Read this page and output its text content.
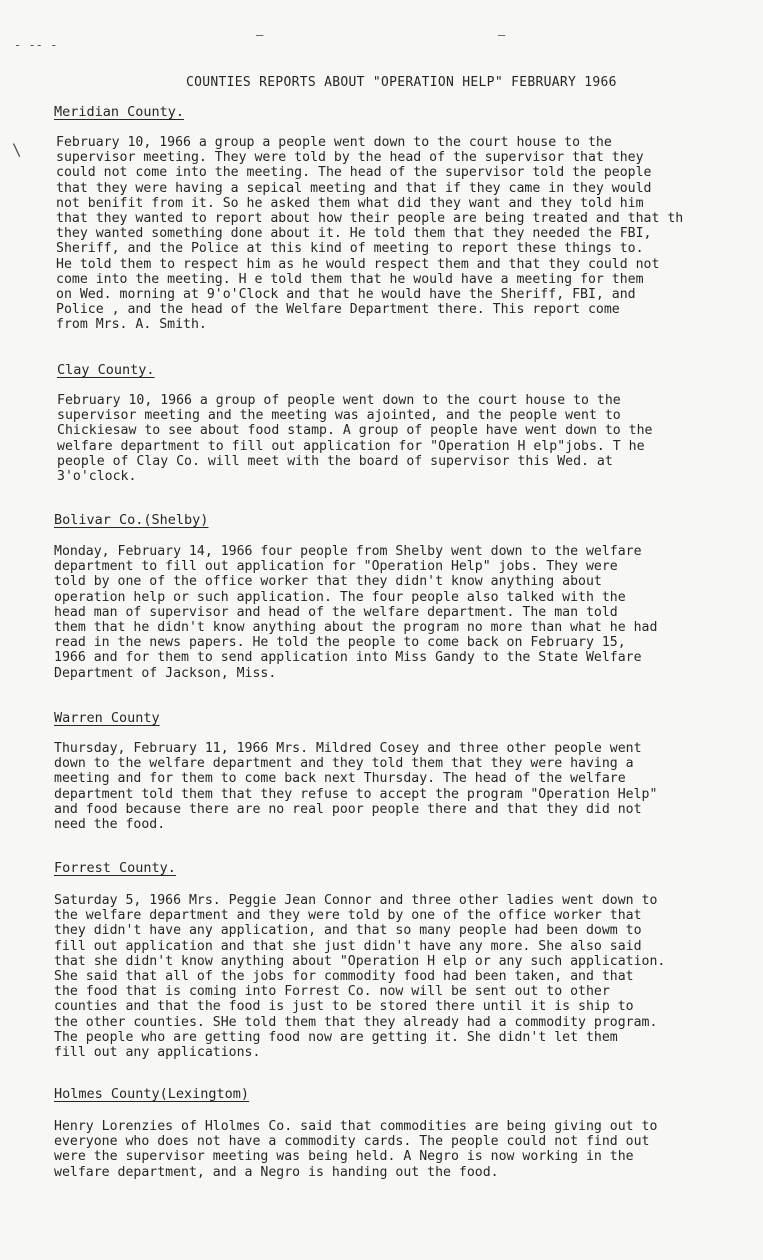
- -- -
—	—
\
COUNTIES REPORTS ABOUT "OPERATION HELP" FEBRUARY 1966
Meridian County.

February 10, 1966 a group a people went down to the court house to the

supervisor meeting. They were told by the head of the supervisor that they

could not come into the meeting. The head of the supervisor told the people

that they were having a sepical meeting and that if they came in they would

not benifit from it. So he asked them what did they want and they told him

that they wanted to report about how their people are being treated and that th

they wanted something done about it. He told them that they needed the FBI,

Sheriff, and the Police at this kind of meeting to report these things to.

He told them to respect him as he would respect them and that they could not

come into the meeting. H e told them that he would have a meeting for them

on Wed. morning at 9'o'Clock and that he would have the Sheriff, FBI, and

Police , and the head of the Welfare Department there. This report come

from Mrs. A. Smith.

Clay County.

February 10, 1966 a group of people went down to the court house to the

supervisor meeting and the meeting was ajointed, and the people went to

Chickiesaw to see about food stamp. A group of people have went down to the

welfare department to fill out application for "Operation H elp"jobs. T he

people of Clay Co. will meet with the board of supervisor this Wed. at

3'o'clock.

Bolivar Co.(Shelby)

Monday, February 14, 1966 four people from Shelby went down to the welfare

department to fill out application for "Operation Help" jobs. They were

told by one of the office worker that they didn't know anything about

operation help or such application. The four people also talked with the

head man of supervisor and head of the welfare department. The man told

them that he didn't know anything about the program no more than what he had

read in the news papers. He told the people to come back on February 15,

1966 and for them to send application into Miss Gandy to the State Welfare

Department of Jackson, Miss.

Warren County

Thursday, February 11, 1966 Mrs. Mildred Cosey and three other people went

down to the welfare department and they told them that they were having a

meeting and for them to come back next Thursday. The head of the welfare

department told them that they refuse to accept the program "Operation Help"

and food because there are no real poor people there and that they did not

need the food.

Forrest County.

Saturday 5, 1966 Mrs. Peggie Jean Connor and three other ladies went down to

the welfare department and they were told by one of the office worker that

they didn't have any application, and that so many people had been dowm to

fill out application and that she just didn't have any more. She also said

that she didn't know anything about "Operation H elp or any such application.

She said that all of the jobs for commodity food had been taken, and that

the food that is coming into Forrest Co. now will be sent out to other

counties and that the food is just to be stored there until it is ship to

the other counties. SHe told them that they already had a commodity program.

The people who are getting food now are getting it. She didn't let them

fill out any applications.

Holmes County(Lexingtom)

Henry Lorenzies of Hlolmes Co. said that commodities are being giving out to

everyone who does not have a commodity cards. The people could not find out

were the supervisor meeting was being held. A Negro is now working in the

welfare department, and a Negro is handing out the food.
